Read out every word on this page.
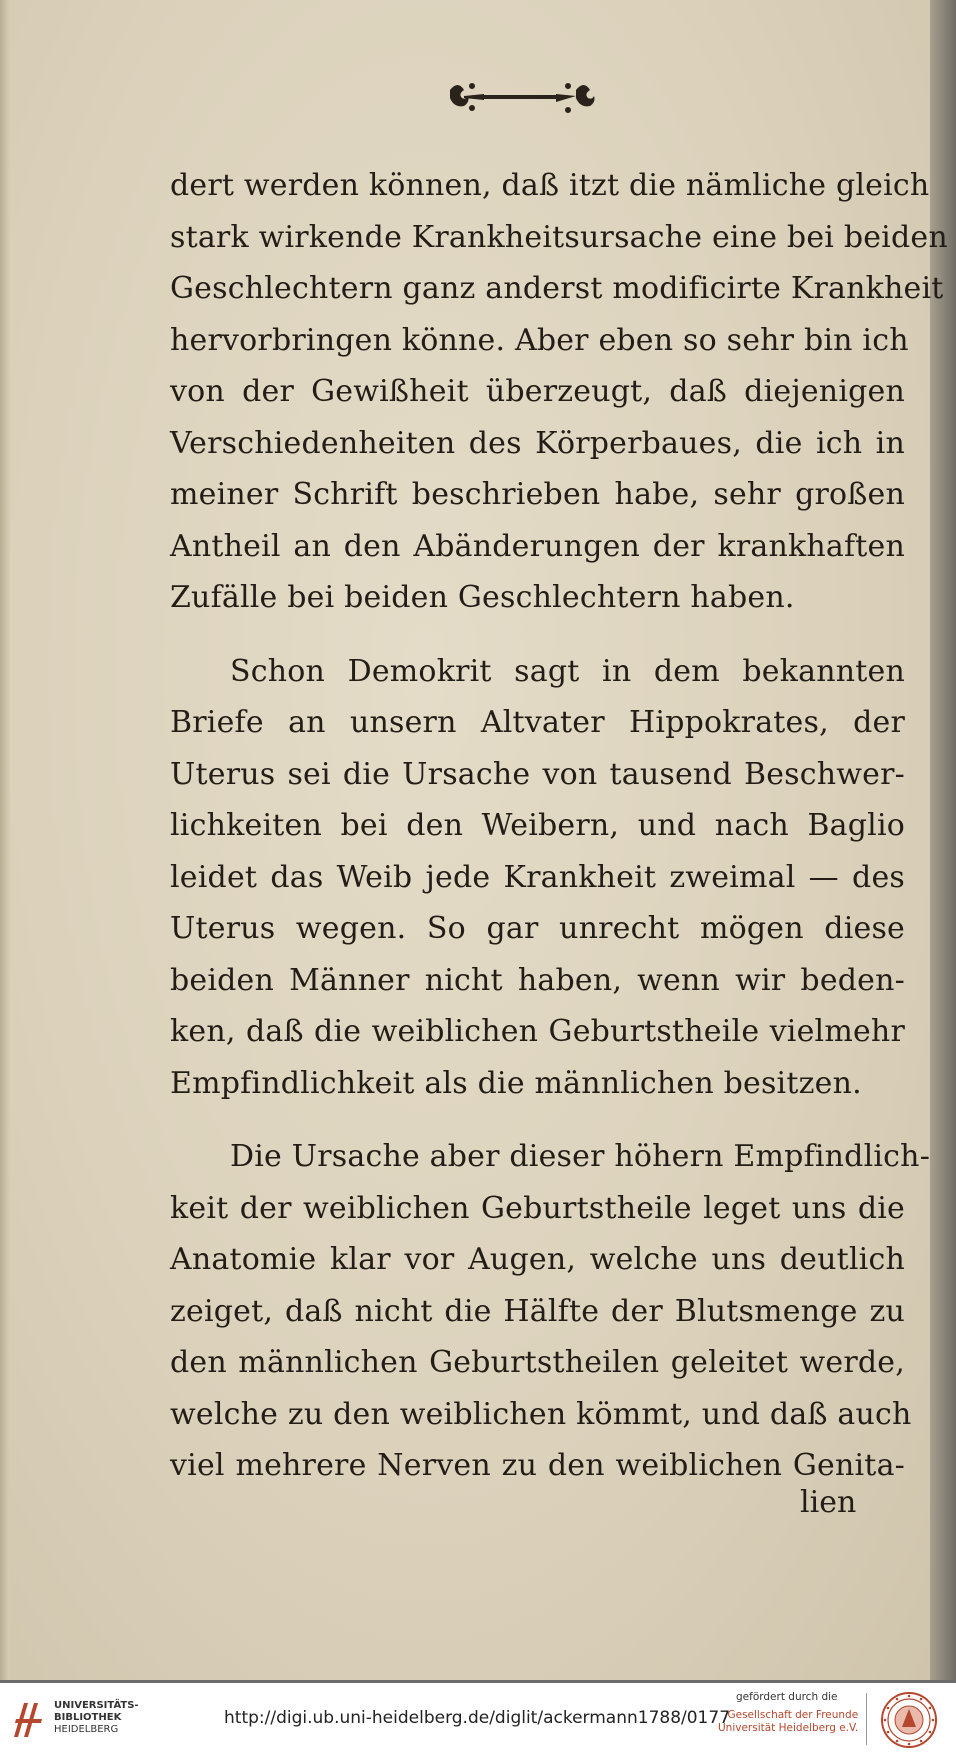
dert werden können, daß itzt die nämliche gleich
stark wirkende Krankheitsursache eine bei beiden
Geschlechtern ganz anderst modificirte Krankheit
hervorbringen könne. Aber eben so sehr bin ich
von der Gewißheit überzeugt, daß diejenigen
Verschiedenheiten des Körperbaues, die ich in
meiner Schrift beschrieben habe, sehr großen
Antheil an den Abänderungen der krankhaften
Zufälle bei beiden Geschlechtern haben.
Schon Demokrit sagt in dem bekannten
Briefe an unsern Altvater Hippokrates, der
Uterus sei die Ursache von tausend Beschwer-
lichkeiten bei den Weibern, und nach Baglio
leidet das Weib jede Krankheit zweimal — des
Uterus wegen. So gar unrecht mögen diese
beiden Männer nicht haben, wenn wir beden-
ken, daß die weiblichen Geburtstheile vielmehr
Empfindlichkeit als die männlichen besitzen.
Die Ursache aber dieser höhern Empfindlich-
keit der weiblichen Geburtstheile leget uns die
Anatomie klar vor Augen, welche uns deutlich
zeiget, daß nicht die Hälfte der Blutsmenge zu
den männlichen Geburtstheilen geleitet werde,
welche zu den weiblichen kömmt, und daß auch
viel mehrere Nerven zu den weiblichen Genita-
lien
UNIVERSITÄTS-
BIBLIOTHEK
HEIDELBERG
http://digi.ub.uni-heidelberg.de/diglit/ackermann1788/0177
gefördert durch die
Gesellschaft der Freunde
Universität Heidelberg e.V.
